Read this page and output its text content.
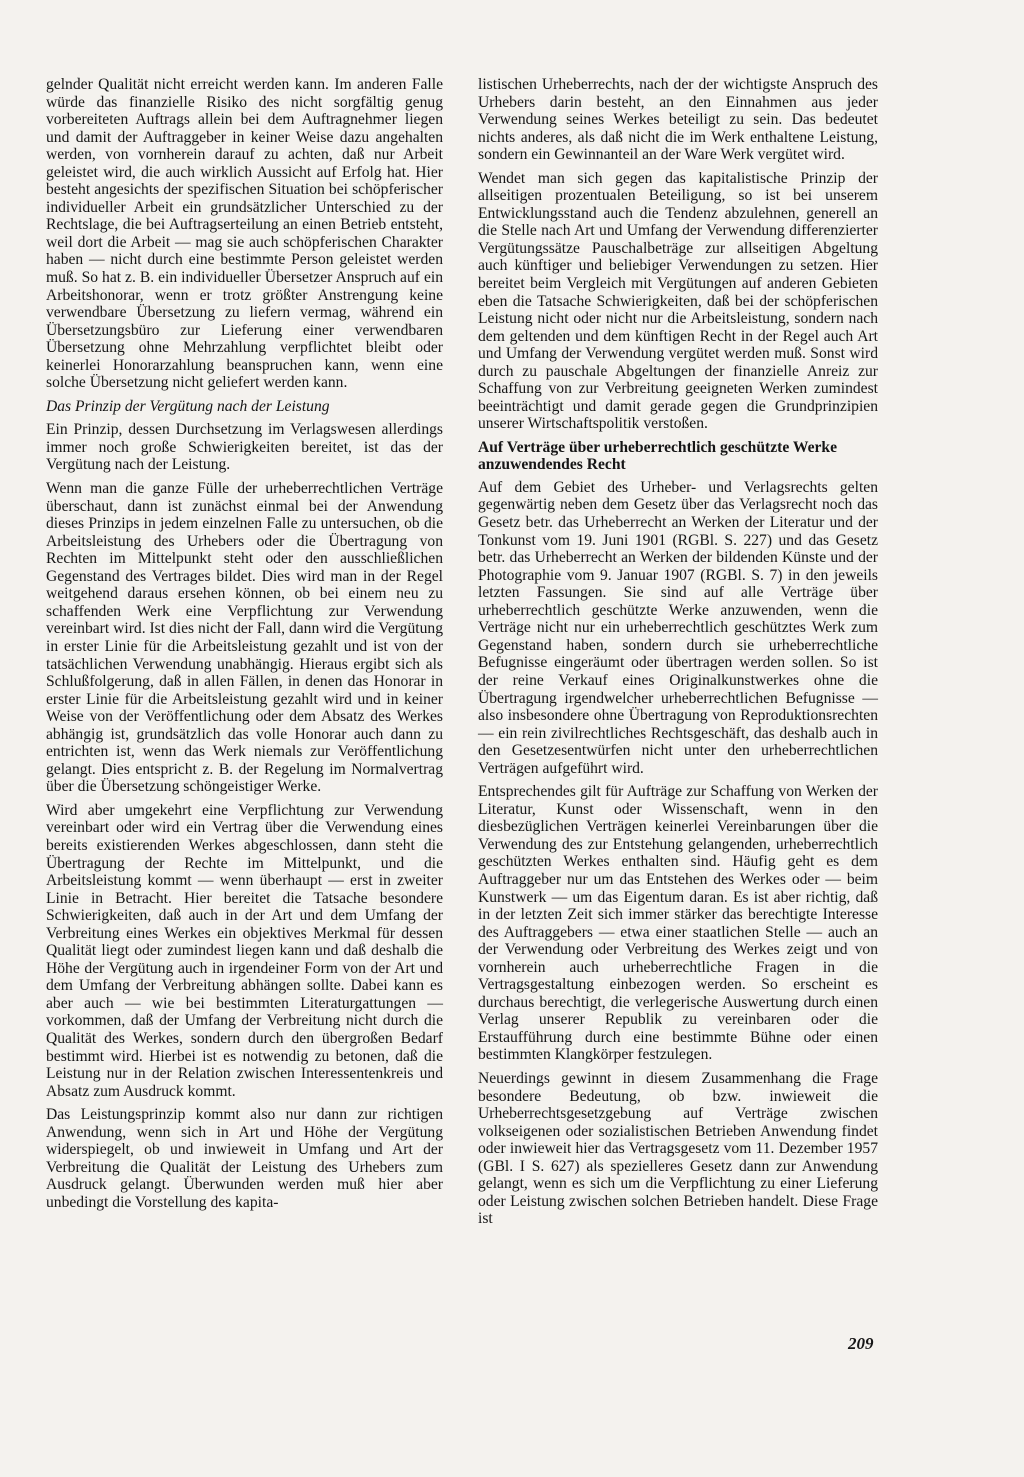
gelnder Qualität nicht erreicht werden kann. Im anderen Falle würde das finanzielle Risiko des nicht sorgfältig genug vorbereiteten Auftrags allein bei dem Auftragnehmer liegen und damit der Auftraggeber in keiner Weise dazu angehalten werden, von vornherein darauf zu achten, daß nur Arbeit geleistet wird, die auch wirklich Aussicht auf Erfolg hat. Hier besteht angesichts der spezifischen Situation bei schöpferischer individueller Arbeit ein grundsätzlicher Unterschied zu der Rechtslage, die bei Auftragserteilung an einen Betrieb entsteht, weil dort die Arbeit — mag sie auch schöpferischen Charakter haben — nicht durch eine bestimmte Person geleistet werden muß. So hat z. B. ein individueller Übersetzer Anspruch auf ein Arbeitshonorar, wenn er trotz größter Anstrengung keine verwendbare Übersetzung zu liefern vermag, während ein Übersetzungsbüro zur Lieferung einer verwendbaren Übersetzung ohne Mehrzahlung verpflichtet bleibt oder keinerlei Honorarzahlung beanspruchen kann, wenn eine solche Übersetzung nicht geliefert werden kann.

Das Prinzip der Vergütung nach der Leistung

Ein Prinzip, dessen Durchsetzung im Verlagswesen allerdings immer noch große Schwierigkeiten bereitet, ist das der Vergütung nach der Leistung.

Wenn man die ganze Fülle der urheberrechtlichen Verträge überschaut, dann ist zunächst einmal bei der Anwendung dieses Prinzips in jedem einzelnen Falle zu untersuchen, ob die Arbeitsleistung des Urhebers oder die Übertragung von Rechten im Mittelpunkt steht oder den ausschließlichen Gegenstand des Vertrages bildet. Dies wird man in der Regel weitgehend daraus ersehen können, ob bei einem neu zu schaffenden Werk eine Verpflichtung zur Verwendung vereinbart wird. Ist dies nicht der Fall, dann wird die Vergütung in erster Linie für die Arbeitsleistung gezahlt und ist von der tatsächlichen Verwendung unabhängig. Hieraus ergibt sich als Schlußfolgerung, daß in allen Fällen, in denen das Honorar in erster Linie für die Arbeitsleistung gezahlt wird und in keiner Weise von der Veröffentlichung oder dem Absatz des Werkes abhängig ist, grundsätzlich das volle Honorar auch dann zu entrichten ist, wenn das Werk niemals zur Veröffentlichung gelangt. Dies entspricht z. B. der Regelung im Normalvertrag über die Übersetzung schöngeistiger Werke.

Wird aber umgekehrt eine Verpflichtung zur Verwendung vereinbart oder wird ein Vertrag über die Verwendung eines bereits existierenden Werkes abgeschlossen, dann steht die Übertragung der Rechte im Mittelpunkt, und die Arbeitsleistung kommt — wenn überhaupt — erst in zweiter Linie in Betracht. Hier bereitet die Tatsache besondere Schwierigkeiten, daß auch in der Art und dem Umfang der Verbreitung eines Werkes ein objektives Merkmal für dessen Qualität liegt oder zumindest liegen kann und daß deshalb die Höhe der Vergütung auch in irgendeiner Form von der Art und dem Umfang der Verbreitung abhängen sollte. Dabei kann es aber auch — wie bei bestimmten Literaturgattungen — vorkommen, daß der Umfang der Verbreitung nicht durch die Qualität des Werkes, sondern durch den übergroßen Bedarf bestimmt wird. Hierbei ist es notwendig zu betonen, daß die Leistung nur in der Relation zwischen Interessentenkreis und Absatz zum Ausdruck kommt.

Das Leistungsprinzip kommt also nur dann zur richtigen Anwendung, wenn sich in Art und Höhe der Vergütung widerspiegelt, ob und inwieweit in Umfang und Art der Verbreitung die Qualität der Leistung des Urhebers zum Ausdruck gelangt. Überwunden werden muß hier aber unbedingt die Vorstellung des kapita-

listischen Urheberrechts, nach der der wichtigste Anspruch des Urhebers darin besteht, an den Einnahmen aus jeder Verwendung seines Werkes beteiligt zu sein. Das bedeutet nichts anderes, als daß nicht die im Werk enthaltene Leistung, sondern ein Gewinnanteil an der Ware Werk vergütet wird.

Wendet man sich gegen das kapitalistische Prinzip der allseitigen prozentualen Beteiligung, so ist bei unserem Entwicklungsstand auch die Tendenz abzulehnen, generell an die Stelle nach Art und Umfang der Verwendung differenzierter Vergütungssätze Pauschalbeträge zur allseitigen Abgeltung auch künftiger und beliebiger Verwendungen zu setzen. Hier bereitet beim Vergleich mit Vergütungen auf anderen Gebieten eben die Tatsache Schwierigkeiten, daß bei der schöpferischen Leistung nicht oder nicht nur die Arbeitsleistung, sondern nach dem geltenden und dem künftigen Recht in der Regel auch Art und Umfang der Verwendung vergütet werden muß. Sonst wird durch zu pauschale Abgeltungen der finanzielle Anreiz zur Schaffung von zur Verbreitung geeigneten Werken zumindest beeinträchtigt und damit gerade gegen die Grundprinzipien unserer Wirtschaftspolitik verstoßen.

Auf Verträge über urheberrechtlich geschützte Werke anzuwendendes Recht

Auf dem Gebiet des Urheber- und Verlagsrechts gelten gegenwärtig neben dem Gesetz über das Verlagsrecht noch das Gesetz betr. das Urheberrecht an Werken der Literatur und der Tonkunst vom 19. Juni 1901 (RGBl. S. 227) und das Gesetz betr. das Urheberrecht an Werken der bildenden Künste und der Photographie vom 9. Januar 1907 (RGBl. S. 7) in den jeweils letzten Fassungen. Sie sind auf alle Verträge über urheberrechtlich geschützte Werke anzuwenden, wenn die Verträge nicht nur ein urheberrechtlich geschütztes Werk zum Gegenstand haben, sondern durch sie urheberrechtliche Befugnisse eingeräumt oder übertragen werden sollen. So ist der reine Verkauf eines Originalkunstwerkes ohne die Übertragung irgendwelcher urheberrechtlichen Befugnisse — also insbesondere ohne Übertragung von Reproduktionsrechten — ein rein zivilrechtliches Rechtsgeschäft, das deshalb auch in den Gesetzesentwürfen nicht unter den urheberrechtlichen Verträgen aufgeführt wird.

Entsprechendes gilt für Aufträge zur Schaffung von Werken der Literatur, Kunst oder Wissenschaft, wenn in den diesbezüglichen Verträgen keinerlei Vereinbarungen über die Verwendung des zur Entstehung gelangenden, urheberrechtlich geschützten Werkes enthalten sind. Häufig geht es dem Auftraggeber nur um das Entstehen des Werkes oder — beim Kunstwerk — um das Eigentum daran. Es ist aber richtig, daß in der letzten Zeit sich immer stärker das berechtigte Interesse des Auftraggebers — etwa einer staatlichen Stelle — auch an der Verwendung oder Verbreitung des Werkes zeigt und von vornherein auch urheberrechtliche Fragen in die Vertragsgestaltung einbezogen werden. So erscheint es durchaus berechtigt, die verlegerische Auswertung durch einen Verlag unserer Republik zu vereinbaren oder die Erstaufführung durch eine bestimmte Bühne oder einen bestimmten Klangkörper festzulegen.

Neuerdings gewinnt in diesem Zusammenhang die Frage besondere Bedeutung, ob bzw. inwieweit die Urheberrechtsgesetzgebung auf Verträge zwischen volkseigenen oder sozialistischen Betrieben Anwendung findet oder inwieweit hier das Vertragsgesetz vom 11. Dezember 1957 (GBl. I S. 627) als spezielleres Gesetz dann zur Anwendung gelangt, wenn es sich um die Verpflichtung zu einer Lieferung oder Leistung zwischen solchen Betrieben handelt. Diese Frage ist

209
